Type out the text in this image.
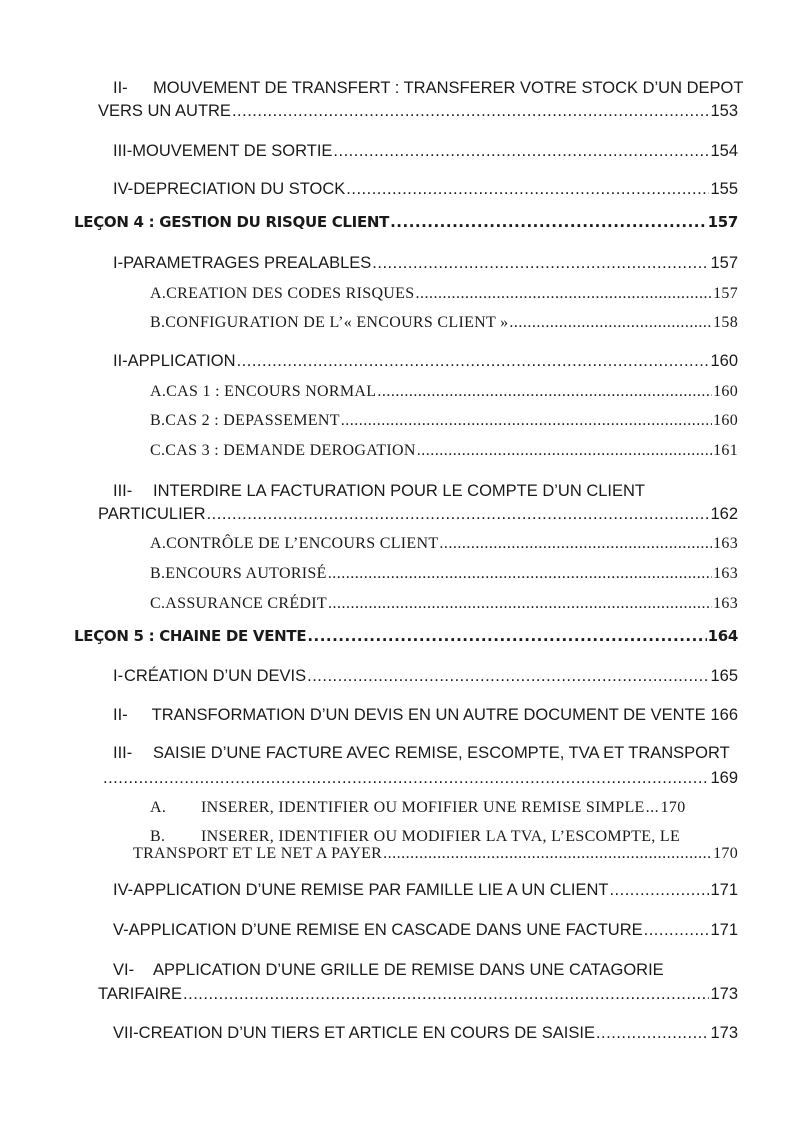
II- MOUVEMENT DE TRANSFERT : TRANSFERER VOTRE STOCK D’UN DEPOT
VERS UN AUTRE .....	153
III- MOUVEMENT DE SORTIE .....	154
IV- DEPRECIATION DU STOCK .....	155
LEÇON 4 : GESTION DU RISQUE CLIENT .....	157
I- PARAMETRAGES PREALABLES .....	157
A. CREATION DES CODES RISQUES .....	157
B. CONFIGURATION DE L’« ENCOURS CLIENT » .....	158
II- APPLICATION .....	160
A. CAS 1 : ENCOURS NORMAL .....	160
B. CAS 2 : DEPASSEMENT .....	160
C. CAS 3 : DEMANDE DEROGATION .....	161
III- INTERDIRE LA FACTURATION POUR LE COMPTE D’UN CLIENT
PARTICULIER .....	162
A. CONTRÔLE DE L’ENCOURS CLIENT .....	163
B. ENCOURS AUTORISÉ .....	163
C. ASSURANCE CRÉDIT .....	163
LEÇON 5 : CHAINE DE VENTE .....	164
I- CRÉATION D’UN DEVIS .....	165
II-	TRANSFORMATION D’UN DEVIS EN UN AUTRE DOCUMENT DE VENTE 166
III- SAISIE D’UNE FACTURE AVEC REMISE, ESCOMPTE, TVA ET TRANSPORT
.....
169
A.	INSERER, IDENTIFIER OU MOFIFIER UNE REMISE SIMPLE ..... 170
B. INSERER, IDENTIFIER OU MODIFIER LA TVA, L’ESCOMPTE, LE
TRANSPORT ET LE NET A PAYER .....	170
IV- APPLICATION D’UNE REMISE PAR FAMILLE LIE A UN CLIENT .....	171
V- APPLICATION D’UNE REMISE EN CASCADE DANS UNE FACTURE .....	171
VI- APPLICATION D’UNE GRILLE DE REMISE DANS UNE CATAGORIE
TARIFAIRE .....	173
VII- CREATION D’UN TIERS ET ARTICLE EN COURS DE SAISIE .....	173
